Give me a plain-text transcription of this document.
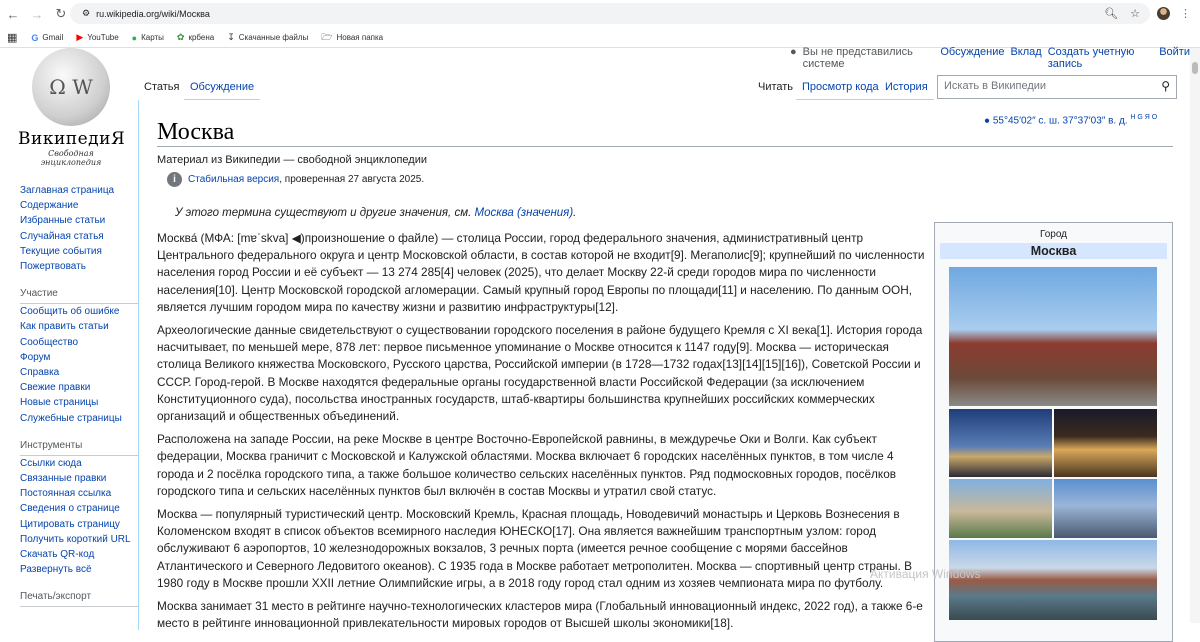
← → ↻	⚙ ru.wikipedia.org/wiki/Москва	🔍︎ ☆	⋮
▦ G Gmail ▶ YouTube ● Карты ✿ крбена ↧ Скачанные файлы 🗁︎ Новая папка
Ω W
ВикипедиЯ
Свободная энциклопедия
● Вы не представились системе
Обсуждение Вклад Создать учетную запись
Войти
Статья Обсуждение	Читать Просмотр кода История	Искать в Википедии	⚲
Заглавная страница
Содержание
Избранные статьи
Случайная статья
Текущие события
Пожертвовать
Участие
Сообщить об ошибке
Как править статьи
Сообщество
Форум
Справка
Свежие правки
Новые страницы
Служебные страницы
Инструменты
Ссылки сюда
Связанные правки
Постоянная ссылка
Сведения о странице
Цитировать страницу
Получить короткий URL
Скачать QR-код
Развернуть всё
Печать/экспорт
Москва	● 55°45′02″ с. ш. 37°37′03″ в. д. $^{H G Я O}$
Материал из Википедии — свободной энциклопедии
i	Стабильная версия, проверенная 27 августа 2025.
У этого термина существуют и другие значения, см. Москва (значения).

Москва́ (МФА: [mɐˈskva] ◀)произношение о файле) — столица России, город федерального значения, административный центр Центрального федерального округа и центр Московской области, в состав которой не входит[9]. Мегаполис[9]; крупнейший по численности населения город России и её субъект — 13 274 285[4] человек (2025), что делает Москву 22-й среди городов мира по численности населения[10]. Центр Московской городской агломерации. Самый крупный город Европы по площади[11] и населению. По данным ООН, является лучшим городом мира по качеству жизни и развитию инфраструктуры[12].

Археологические данные свидетельствуют о существовании городского поселения в районе будущего Кремля с XI века[1]. История города насчитывает, по меньшей мере, 878 лет: первое письменное упоминание о Москве относится к 1147 году[9]. Москва — историческая столица Великого княжества Московского, Русского царства, Российской империи (в 1728—1732 годах[13][14][15][16]), Советской России и СССР. Город-герой. В Москве находятся федеральные органы государственной власти Российской Федерации (за исключением Конституционного суда), посольства иностранных государств, штаб-квартиры большинства крупнейших российских коммерческих организаций и общественных объединений.

Расположена на западе России, на реке Москве в центре Восточно-Европейской равнины, в междуречье Оки и Волги. Как субъект федерации, Москва граничит с Московской и Калужской областями. Москва включает 6 городских населённых пунктов, в том числе 4 города и 2 посёлка городского типа, а также большое количество сельских населённых пунктов. Ряд подмосковных городов, посёлков городского типа и сельских населённых пунктов был включён в состав Москвы и утратил свой статус.

Москва — популярный туристический центр. Московский Кремль, Красная площадь, Новодевичий монастырь и Церковь Вознесения в Коломенском входят в список объектов всемирного наследия ЮНЕСКО[17]. Она является важнейшим транспортным узлом: город обслуживают 6 аэропортов, 10 железнодорожных вокзалов, 3 речных порта (имеется речное сообщение с морями бассейнов Атлантического и Северного Ледовитого океанов). С 1935 года в Москве работает метрополитен. Москва — спортивный центр страны. В 1980 году в Москве прошли XXII летние Олимпийские игры, а в 2018 году город стал одним из хозяев чемпионата мира по футболу.

Москва занимает 31 место в рейтинге научно-технологических кластеров мира (Глобальный инновационный индекс, 2022 год), а также 6-е место в рейтинге инновационной привлекательности мировых городов от Высшей школы экономики[18].

Город
Москва
Активация Windows
